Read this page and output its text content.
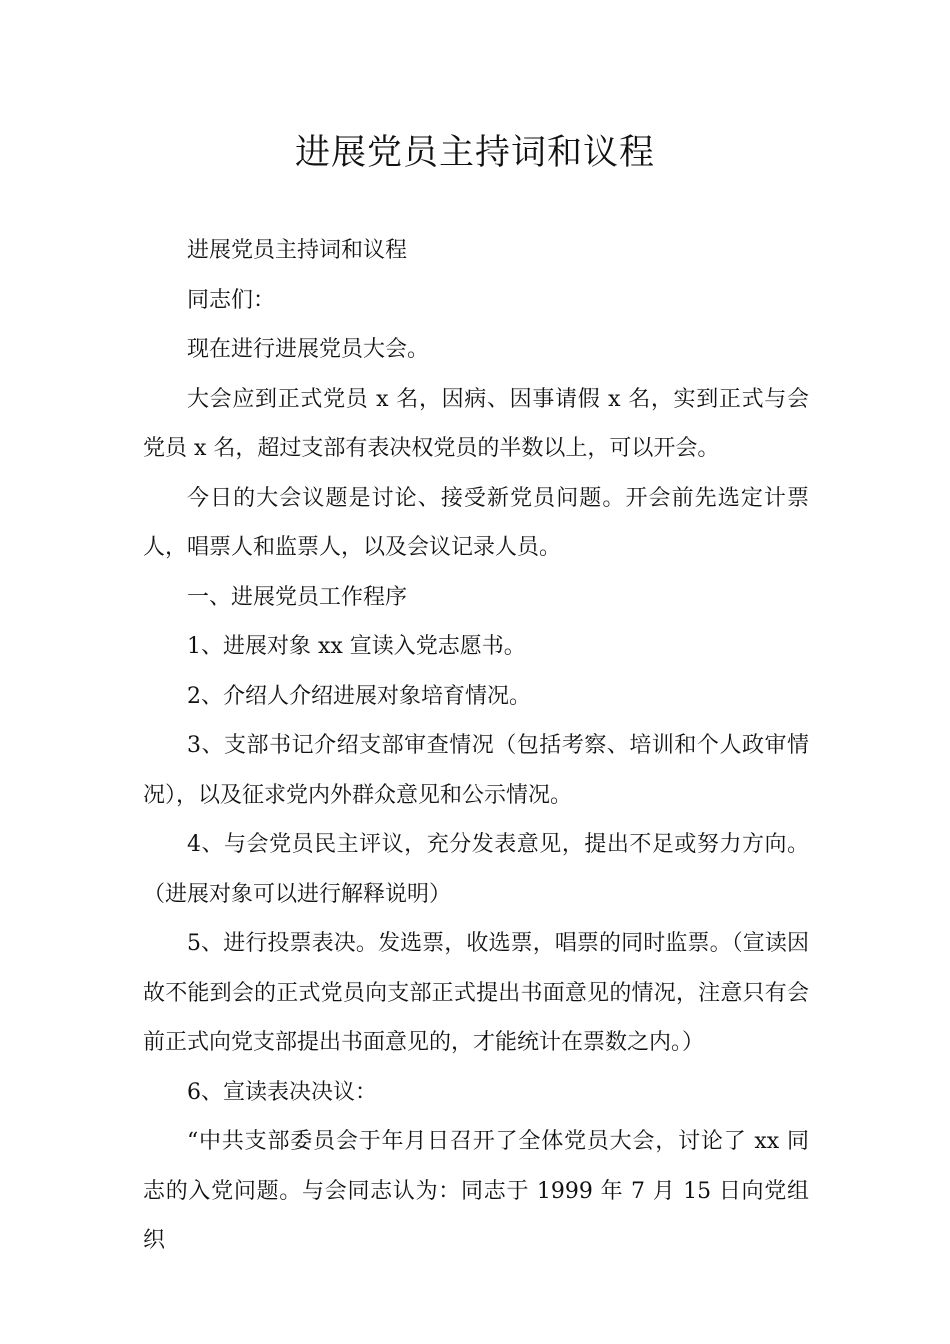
进展党员主持词和议程

进展党员主持词和议程

同志们：

现在进行进展党员大会。

大会应到正式党员 x 名，因病、因事请假 x 名，实到正式与会党员 x 名，超过支部有表决权党员的半数以上，可以开会。

今日的大会议题是讨论、接受新党员问题。开会前先选定计票人，唱票人和监票人，以及会议记录人员。

一、进展党员工作程序

1、进展对象 xx 宣读入党志愿书。

2、介绍人介绍进展对象培育情况。

3、支部书记介绍支部审查情况（包括考察、培训和个人政审情况），以及征求党内外群众意见和公示情况。

4、与会党员民主评议，充分发表意见，提出不足或努力方向。（进展对象可以进行解释说明）

5、进行投票表决。发选票，收选票，唱票的同时监票。（宣读因故不能到会的正式党员向支部正式提出书面意见的情况，注意只有会前正式向党支部提出书面意见的，才能统计在票数之内。）

6、宣读表决决议：

“中共支部委员会于年月日召开了全体党员大会，讨论了 xx 同志的入党问题。与会同志认为：同志于 1999 年 7 月 15 日向党组织
